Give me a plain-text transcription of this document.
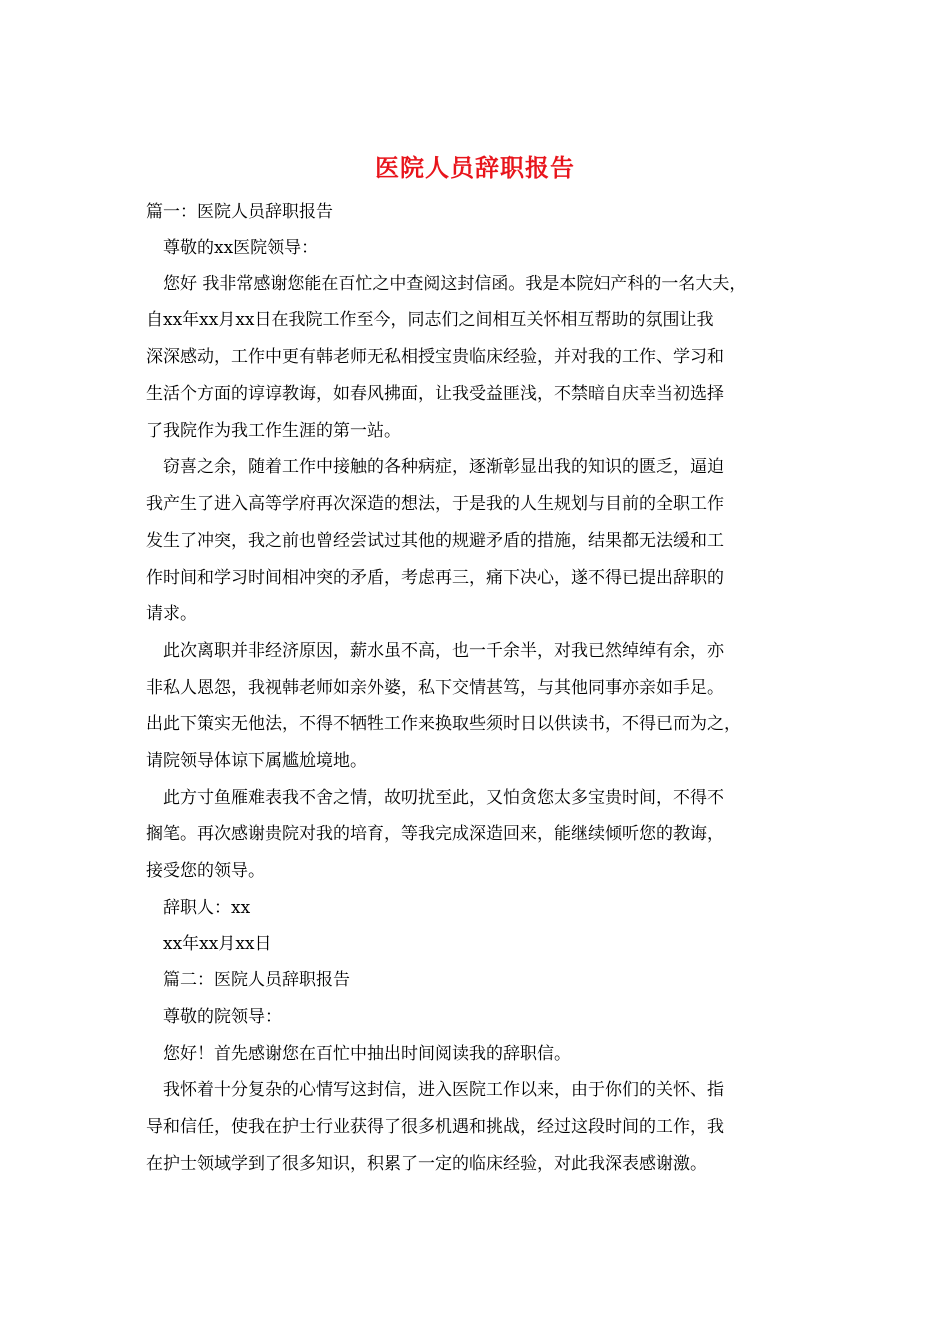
医院人员辞职报告
篇一：医院人员辞职报告
尊敬的xx医院领导：
您好 我非常感谢您能在百忙之中查阅这封信函。我是本院妇产科的一名大夫，
自xx年xx月xx日在我院工作至今，同志们之间相互关怀相互帮助的氛围让我
深深感动，工作中更有韩老师无私相授宝贵临床经验，并对我的工作、学习和
生活个方面的谆谆教诲，如春风拂面，让我受益匪浅，不禁暗自庆幸当初选择
了我院作为我工作生涯的第一站。
窃喜之余，随着工作中接触的各种病症，逐渐彰显出我的知识的匮乏，逼迫
我产生了进入高等学府再次深造的想法，于是我的人生规划与目前的全职工作
发生了冲突，我之前也曾经尝试过其他的规避矛盾的措施，结果都无法缓和工
作时间和学习时间相冲突的矛盾，考虑再三，痛下决心，遂不得已提出辞职的
请求。
此次离职并非经济原因，薪水虽不高，也一千余半，对我已然绰绰有余，亦
非私人恩怨，我视韩老师如亲外婆，私下交情甚笃，与其他同事亦亲如手足。
出此下策实无他法，不得不牺牲工作来换取些须时日以供读书，不得已而为之，
请院领导体谅下属尴尬境地。
此方寸鱼雁难表我不舍之情，故叨扰至此，又怕贪您太多宝贵时间，不得不
搁笔。再次感谢贵院对我的培育，等我完成深造回来，能继续倾听您的教诲，
接受您的领导。
辞职人：xx
xx年xx月xx日
篇二：医院人员辞职报告
尊敬的院领导：
您好！首先感谢您在百忙中抽出时间阅读我的辞职信。
我怀着十分复杂的心情写这封信，进入医院工作以来，由于你们的关怀、指
导和信任，使我在护士行业获得了很多机遇和挑战，经过这段时间的工作，我
在护士领域学到了很多知识，积累了一定的临床经验，对此我深表感谢激。
